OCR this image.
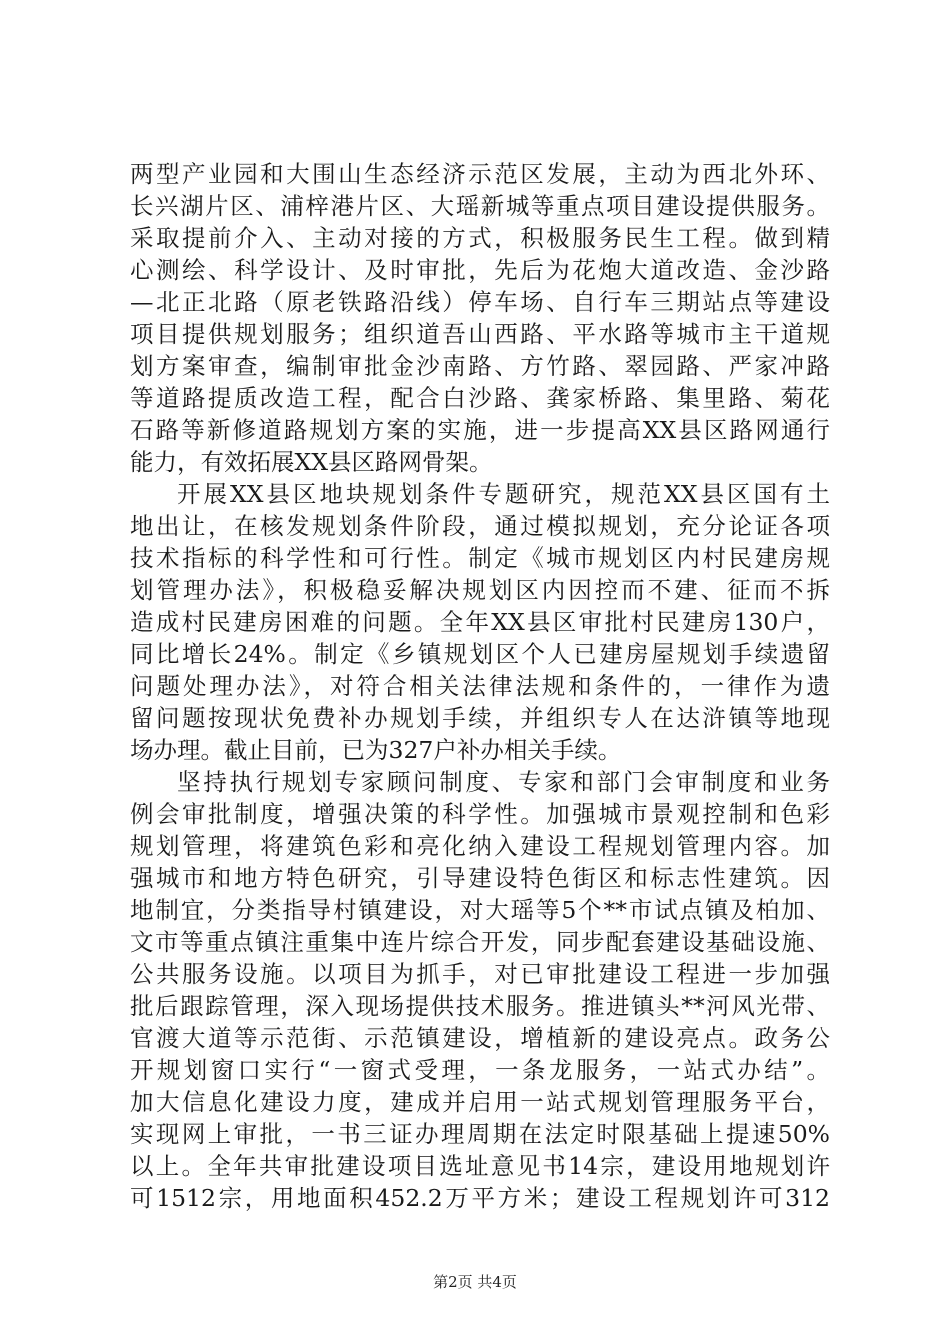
两型产业园和大围山生态经济示范区发展，主动为西北外环、
长兴湖片区、浦梓港片区、大瑶新城等重点项目建设提供服务。
采取提前介入、主动对接的方式，积极服务民生工程。做到精
心测绘、科学设计、及时审批，先后为花炮大道改造、金沙路
—北正北路（原老铁路沿线）停车场、自行车三期站点等建设
项目提供规划服务；组织道吾山西路、平水路等城市主干道规
划方案审查，编制审批金沙南路、方竹路、翠园路、严家冲路
等道路提质改造工程，配合白沙路、龚家桥路、集里路、菊花
石路等新修道路规划方案的实施，进一步提高XX县区路网通行
能力，有效拓展XX县区路网骨架。
开展XX县区地块规划条件专题研究，规范XX县区国有土
地出让，在核发规划条件阶段，通过模拟规划，充分论证各项
技术指标的科学性和可行性。制定《城市规划区内村民建房规
划管理办法》，积极稳妥解决规划区内因控而不建、征而不拆
造成村民建房困难的问题。全年XX县区审批村民建房130户，
同比增长24%。制定《乡镇规划区个人已建房屋规划手续遗留
问题处理办法》，对符合相关法律法规和条件的，一律作为遗
留问题按现状免费补办规划手续，并组织专人在达浒镇等地现
场办理。截止目前，已为327户补办相关手续。
坚持执行规划专家顾问制度、专家和部门会审制度和业务
例会审批制度，增强决策的科学性。加强城市景观控制和色彩
规划管理，将建筑色彩和亮化纳入建设工程规划管理内容。加
强城市和地方特色研究，引导建设特色街区和标志性建筑。因
地制宜，分类指导村镇建设，对大瑶等5个**市试点镇及柏加、
文市等重点镇注重集中连片综合开发，同步配套建设基础设施、
公共服务设施。以项目为抓手，对已审批建设工程进一步加强
批后跟踪管理，深入现场提供技术服务。推进镇头**河风光带、
官渡大道等示范街、示范镇建设，增植新的建设亮点。政务公
开规划窗口实行“一窗式受理，一条龙服务，一站式办结”。
加大信息化建设力度，建成并启用一站式规划管理服务平台，
实现网上审批，一书三证办理周期在法定时限基础上提速50%
以上。全年共审批建设项目选址意见书14宗，建设用地规划许
可1512宗，用地面积452.2万平方米；建设工程规划许可312
第2页 共4页
